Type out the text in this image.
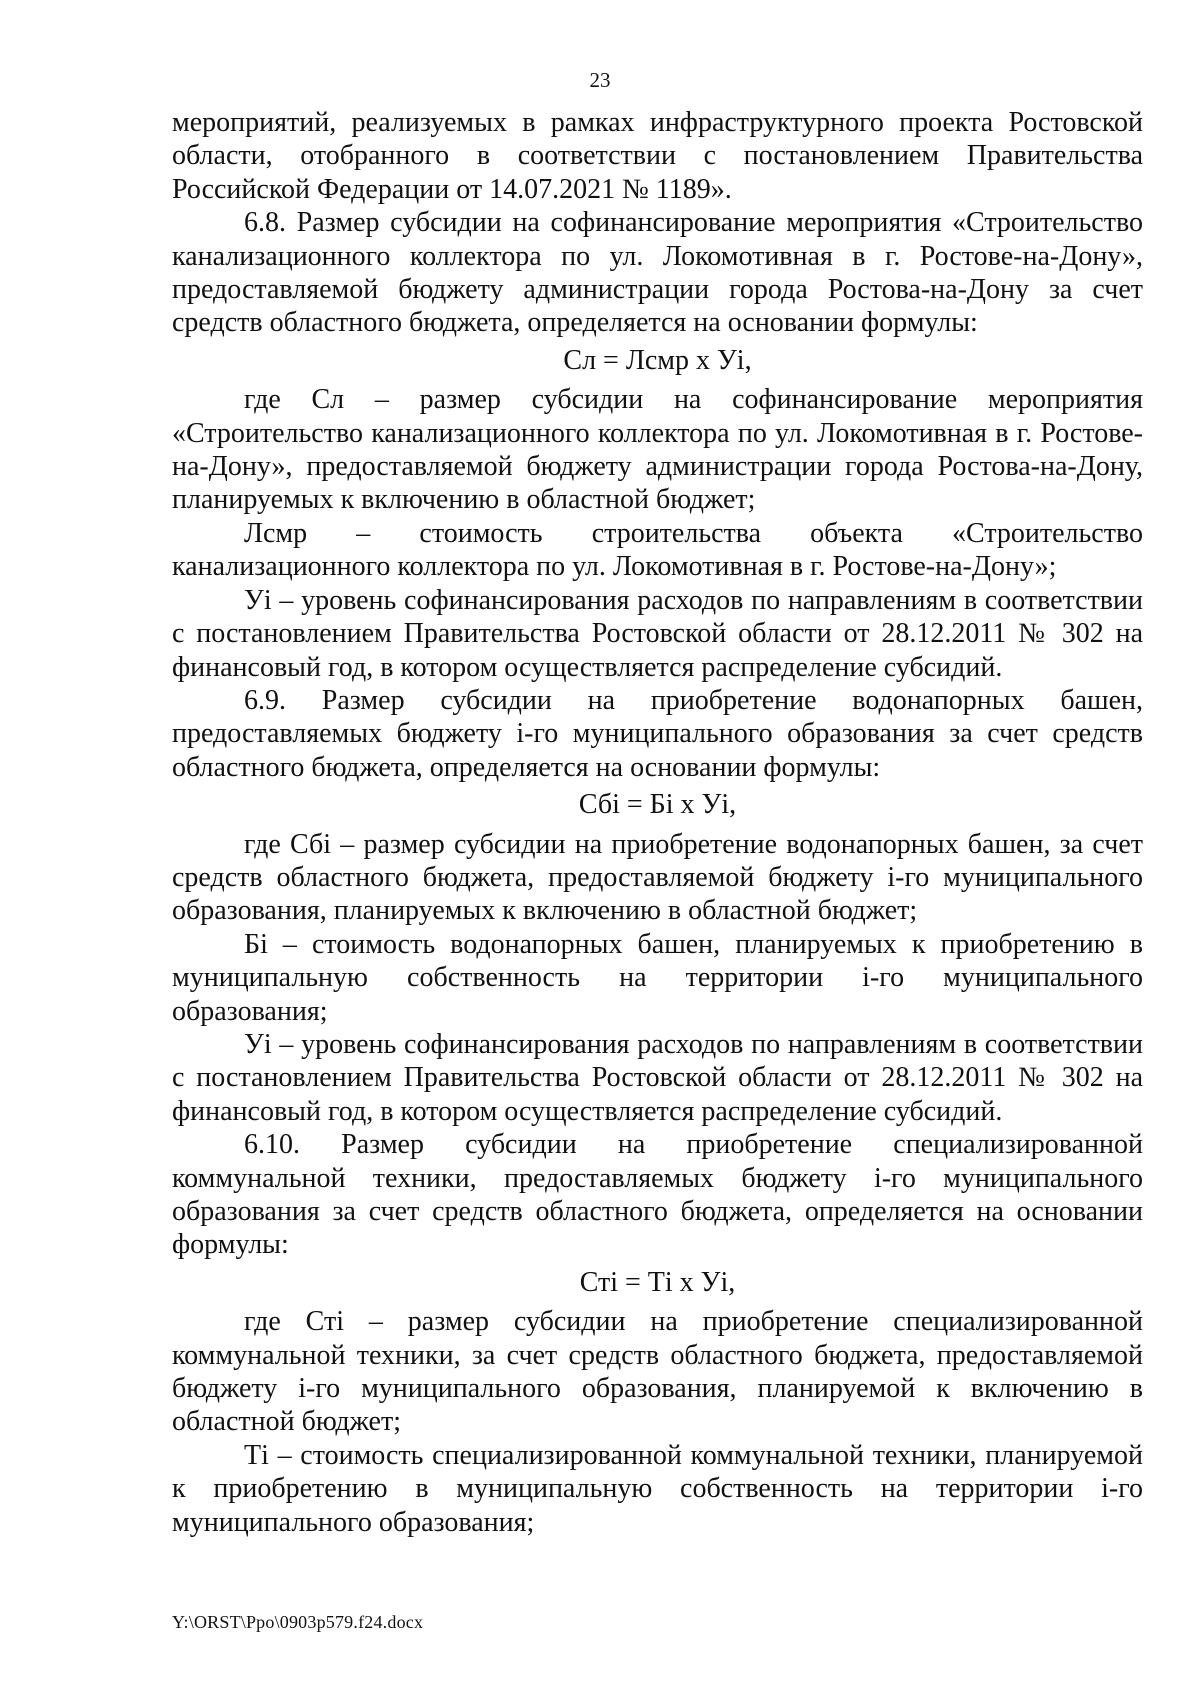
23

мероприятий, реализуемых в рамках инфраструктурного проекта Ростовской области, отобранного в соответствии с постановлением Правительства Российской Федерации от 14.07.2021 № 1189».

6.8. Размер субсидии на софинансирование мероприятия «Строительство канализационного коллектора по ул. Локомотивная в г. Ростове-на-Дону», предоставляемой бюджету администрации города Ростова-на-Дону за счет средств областного бюджета, определяется на основании формулы:

Сл = Лсмр х Уi,

где Сл – размер субсидии на софинансирование мероприятия «Строительство канализационного коллектора по ул. Локомотивная в г. Ростове-на-Дону», предоставляемой бюджету администрации города Ростова-на-Дону, планируемых к включению в областной бюджет;

Лсмр – стоимость строительства объекта «Строительство канализационного коллектора по ул. Локомотивная в г. Ростове-на-Дону»;

Уi – уровень софинансирования расходов по направлениям в соответствии с постановлением Правительства Ростовской области от 28.12.2011 № 302 на финансовый год, в котором осуществляется распределение субсидий.

6.9. Размер субсидии на приобретение водонапорных башен, предоставляемых бюджету i-го муниципального образования за счет средств областного бюджета, определяется на основании формулы:

Сбi = Бi х Уi,

где Сбi – размер субсидии на приобретение водонапорных башен, за счет средств областного бюджета, предоставляемой бюджету i-го муниципального образования, планируемых к включению в областной бюджет;

Бi – стоимость водонапорных башен, планируемых к приобретению в муниципальную собственность на территории i-го муниципального образования;

Уi – уровень софинансирования расходов по направлениям в соответствии с постановлением Правительства Ростовской области от 28.12.2011 № 302 на финансовый год, в котором осуществляется распределение субсидий.

6.10. Размер субсидии на приобретение специализированной коммунальной техники, предоставляемых бюджету i-го муниципального образования за счет средств областного бюджета, определяется на основании формулы:

Стi = Тi х Уi,

где Стi – размер субсидии на приобретение специализированной коммунальной техники, за счет средств областного бюджета, предоставляемой бюджету i-го муниципального образования, планируемой к включению в областной бюджет;

Тi – стоимость специализированной коммунальной техники, планируемой к приобретению в муниципальную собственность на территории i-го муниципального образования;

Y:\ORST\Ppo\0903p579.f24.docx
